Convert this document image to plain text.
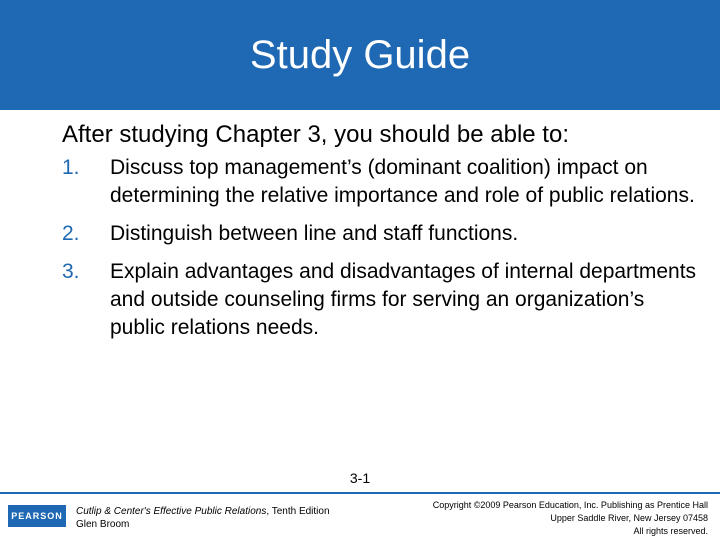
Study Guide

After studying Chapter 3, you should be able to:

1. Discuss top management’s (dominant coalition) impact on determining the relative importance and role of public relations.
2. Distinguish between line and staff functions.
3. Explain advantages and disadvantages of internal departments and outside counseling firms for serving an organization’s public relations needs.
3-1
PEARSON	Cutlip & Center's Effective Public Relations, Tenth Edition
Glen Broom
Copyright ©2009 Pearson Education, Inc. Publishing as Prentice Hall
Upper Saddle River, New Jersey 07458
All rights reserved.
